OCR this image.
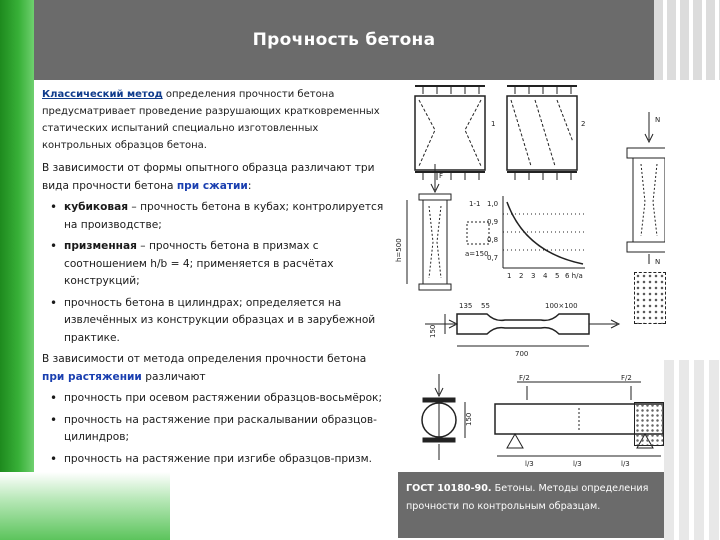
Прочность бетона

Классический метод определения прочности бетона предусматривает проведение разрушающих кратковременных статических испытаний специально изготовленных контрольных образцов бетона.

В зависимости от формы опытного образца различают три вида прочности бетона при сжатии:

• кубиковая – прочность бетона в кубах; контролируется на производстве;
• призменная – прочность бетона в призмах с соотношением h/b = 4; применяется в расчётах конструкций;
• прочность бетона в цилиндрах; определяется на извлечённых из конструкции образцах и в зарубежной практике.

В зависимости от метода определения прочности бетона при растяжении различают

• прочность при осевом растяжении образцов-восьмёрок;
• прочность на растяжение при раскалывании образцов-цилиндров;
• прочность на растяжение при изгибе образцов-призм.
1	2	N
N
F
h=500
1-1
a=150
1,0
0,9
0,8
0,7
1 2 3 4 5 6 h/a
135 55	100×100
150
700
150
F/2	F/2
l/3	l/3	l/3
ГОСТ 10180-90. Бетоны. Методы определения прочности по контрольным образцам.
